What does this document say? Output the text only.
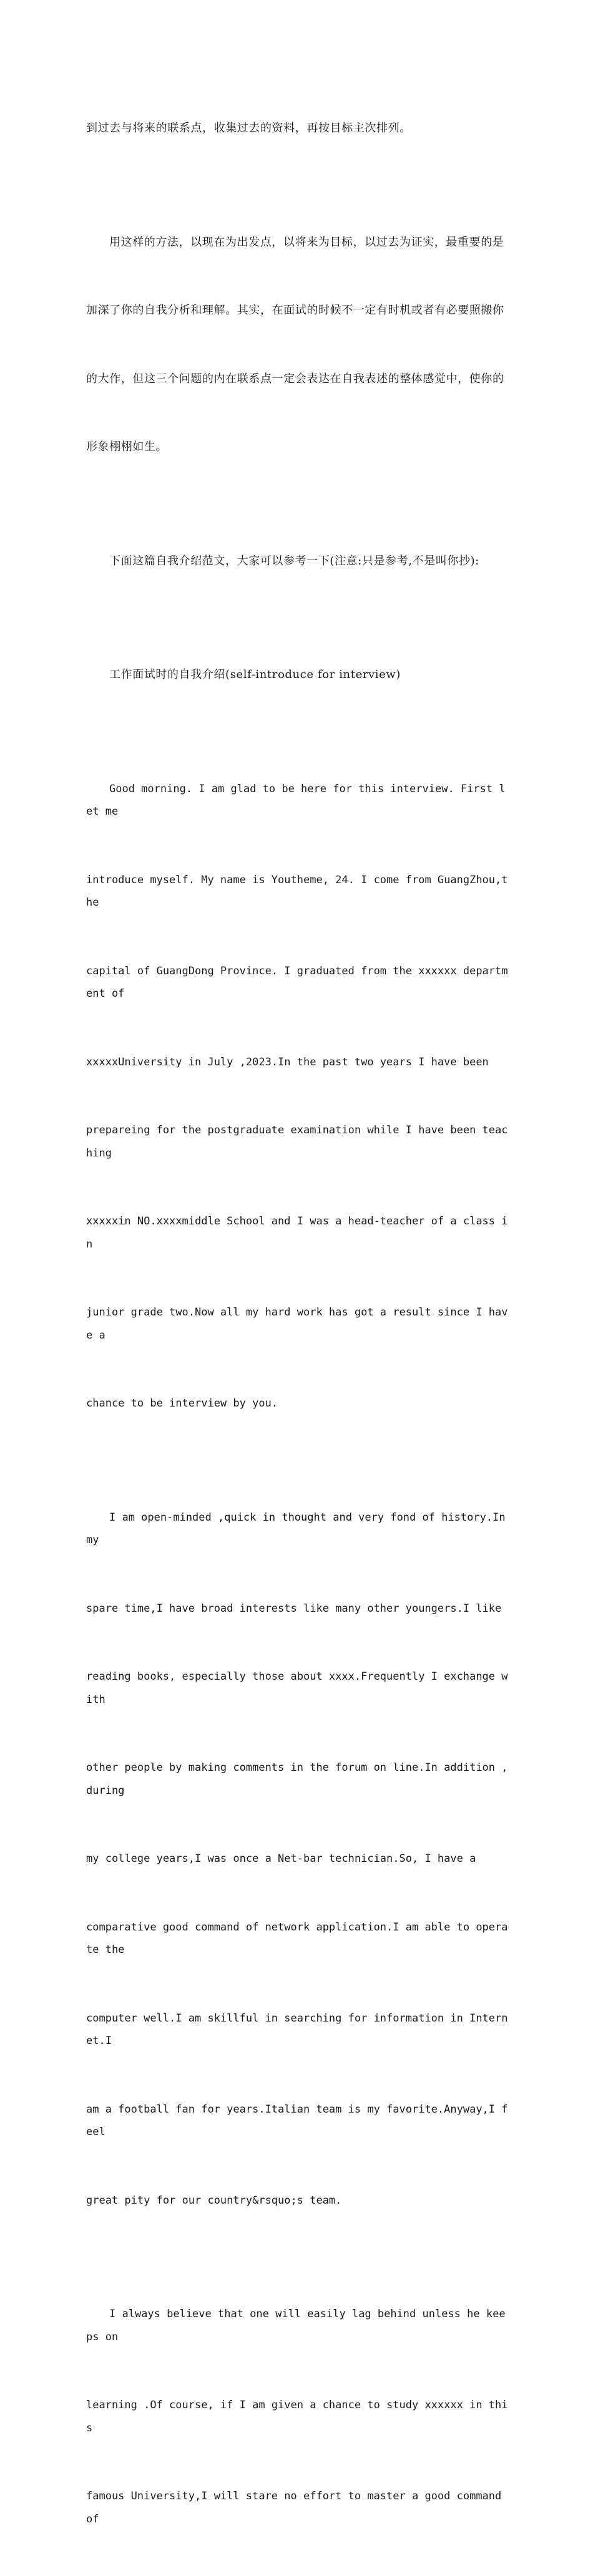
到过去与将来的联系点，收集过去的资料，再按目标主次排列。

用这样的方法，以现在为出发点，以将来为目标，以过去为证实，最重要的是

加深了你的自我分析和理解。其实，在面试的时候不一定有时机或者有必要照搬你

的大作，但这三个问题的内在联系点一定会表达在自我表述的整体感觉中，使你的

形象栩栩如生。

下面这篇自我介绍范文，大家可以参考一下(注意:只是参考,不是叫你抄):

工作面试时的自我介绍(self-introduce for interview)

Good morning. I am glad to be here for this interview. First let me

introduce myself. My name is Youtheme, 24. I come from GuangZhou,the

capital of GuangDong Province. I graduated from the xxxxxx department of

xxxxxUniversity in July ,2023.In the past two years I have been

prepareing for the postgraduate examination while I have been teaching

xxxxxin NO.xxxxmiddle School and I was a head-teacher of a class in

junior grade two.Now all my hard work has got a result since I have a

chance to be interview by you.

I am open-minded ,quick in thought and very fond of history.In my

spare time,I have broad interests like many other youngers.I like

reading books, especially those about xxxx.Frequently I exchange with

other people by making comments in the forum on line.In addition ,during

my college years,I was once a Net-bar technician.So, I have a

comparative good command of network application.I am able to operate the

computer well.I am skillful in searching for information in Internet.I

am a football fan for years.Italian team is my favorite.Anyway,I feel

great pity for our country&rsquo;s team.

I always believe that one will easily lag behind unless he keeps on

learning .Of course, if I am given a chance to study xxxxxx in this

famous University,I will stare no effort to master a good command of
